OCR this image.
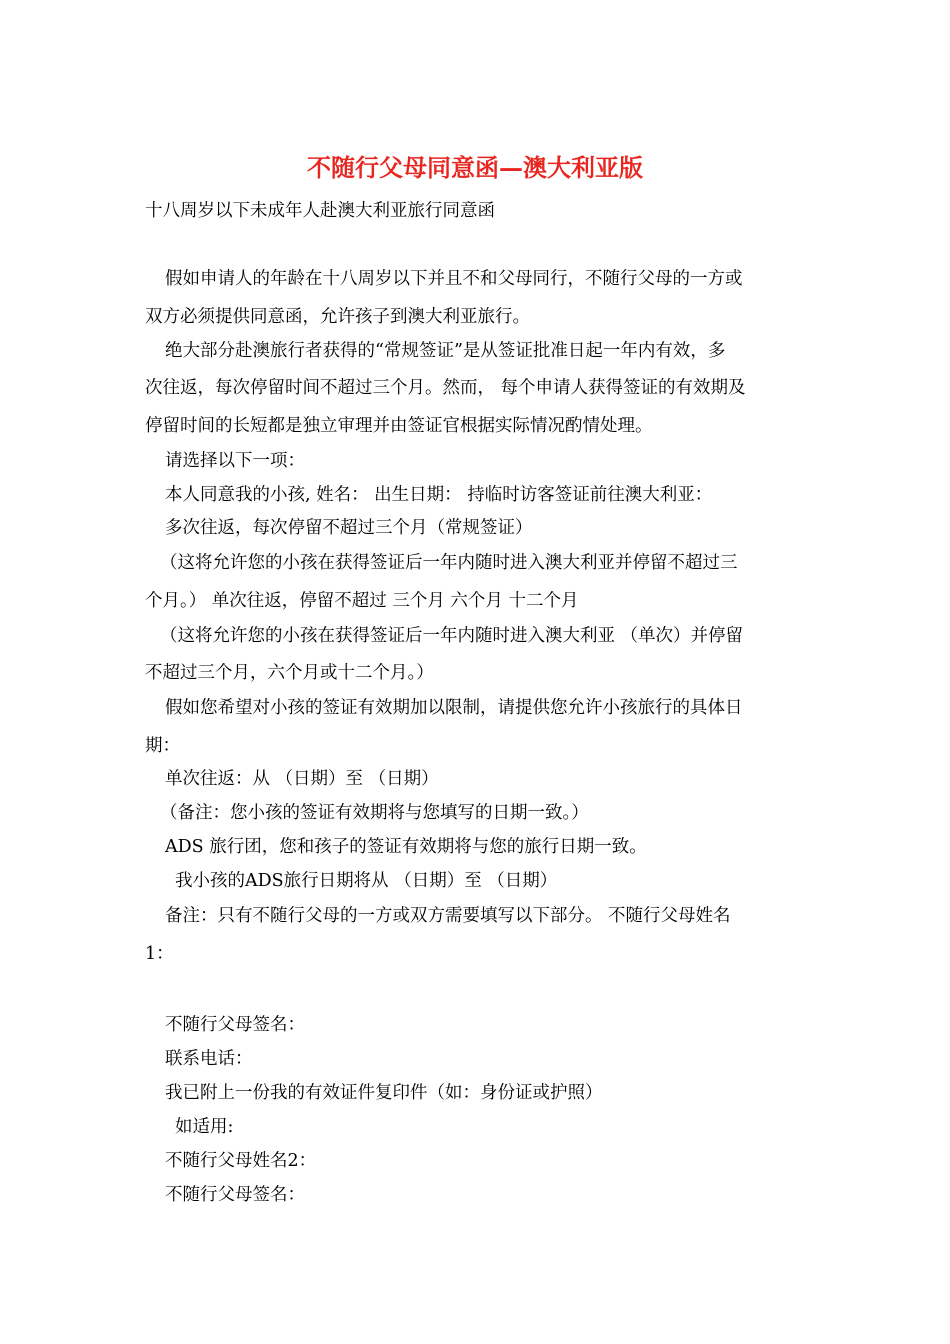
不随行父母同意函—澳大利亚版
十八周岁以下未成年人赴澳大利亚旅行同意函
假如申请人的年龄在十八周岁以下并且不和父母同行，不随行父母的一方或
双方必须提供同意函，允许孩子到澳大利亚旅行。
绝大部分赴澳旅行者获得的“常规签证”是从签证批准日起一年内有效，多
次往返，每次停留时间不超过三个月。然而， 每个申请人获得签证的有效期及
停留时间的长短都是独立审理并由签证官根据实际情况酌情处理。
请选择以下一项：
本人同意我的小孩, 姓名： 出生日期： 持临时访客签证前往澳大利亚：
多次往返，每次停留不超过三个月（常规签证）
（这将允许您的小孩在获得签证后一年内随时进入澳大利亚并停留不超过三
个月。） 单次往返，停留不超过 三个月 六个月 十二个月
（这将允许您的小孩在获得签证后一年内随时进入澳大利亚 （单次）并停留
不超过三个月，六个月或十二个月。）
假如您希望对小孩的签证有效期加以限制，请提供您允许小孩旅行的具体日
期：
单次往返：从 （日期）至 （日期）
（备注：您小孩的签证有效期将与您填写的日期一致。）
ADS 旅行团，您和孩子的签证有效期将与您的旅行日期一致。
我小孩的ADS旅行日期将从 （日期）至 （日期）
备注：只有不随行父母的一方或双方需要填写以下部分。 不随行父母姓名
1：
不随行父母签名：
联系电话：
我已附上一份我的有效证件复印件（如：身份证或护照）
如适用:
不随行父母姓名2：
不随行父母签名：
